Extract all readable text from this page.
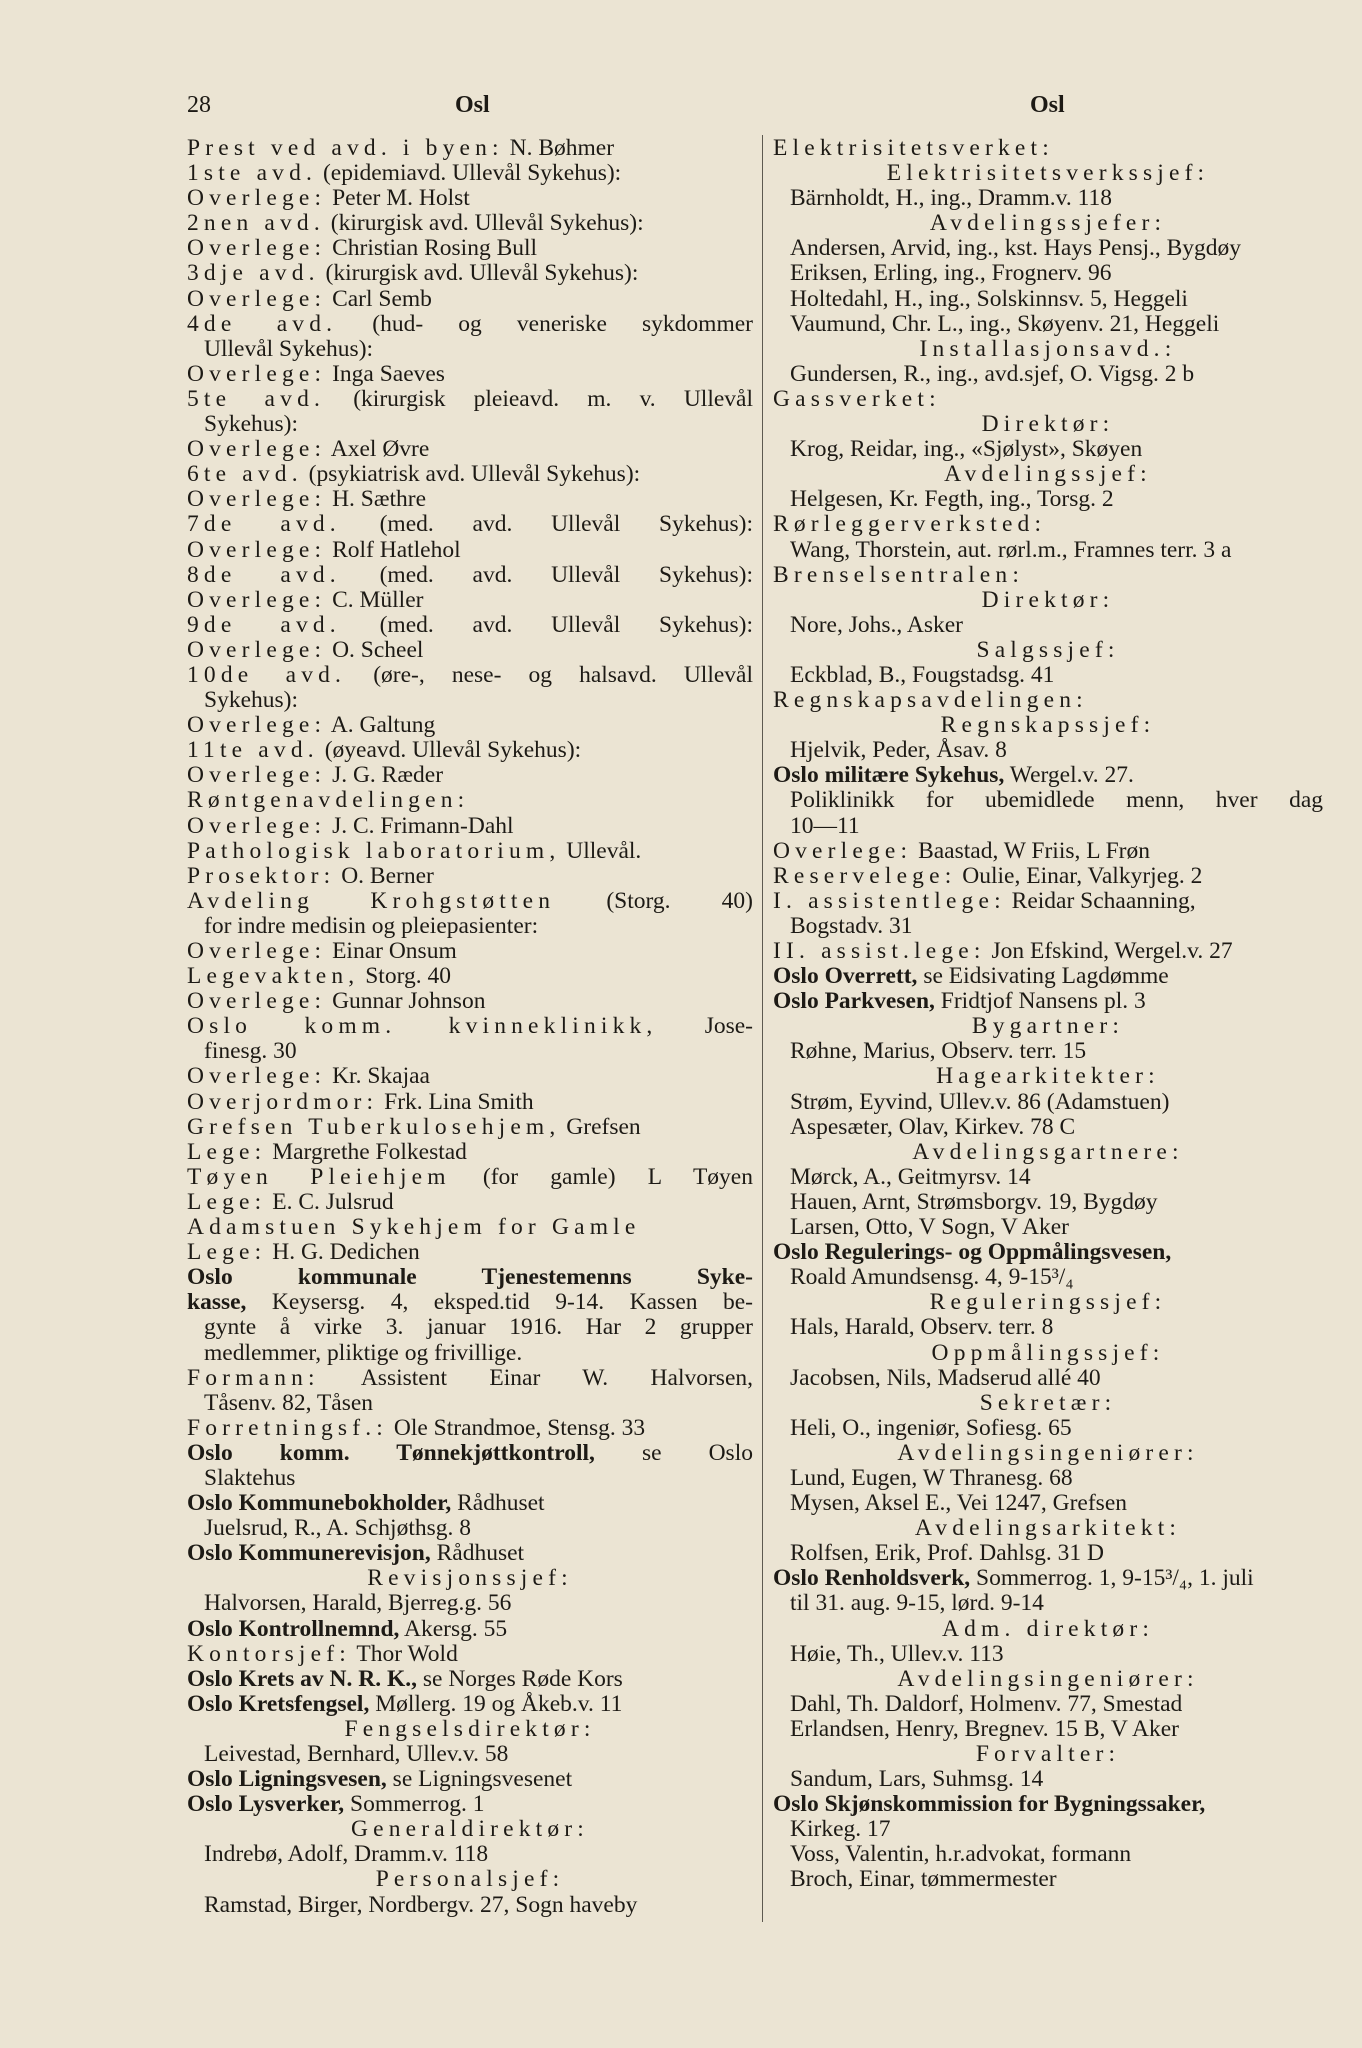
28	Osl	Osl
Prest ved avd. i byen: N. Bøhmer
1ste avd. (epidemiavd. Ullevål Sykehus):
Overlege: Peter M. Holst
2nen avd. (kirurgisk avd. Ullevål Sykehus):
Overlege: Christian Rosing Bull
3dje avd. (kirurgisk avd. Ullevål Sykehus):
Overlege: Carl Semb
4de avd. (hud- og veneriske sykdommer
Ullevål Sykehus):
Overlege: Inga Saeves
5te avd. (kirurgisk pleieavd. m. v. Ullevål
Sykehus):
Overlege: Axel Øvre
6te avd. (psykiatrisk avd. Ullevål Sykehus):
Overlege: H. Sæthre
7de avd. (med. avd. Ullevål Sykehus):
Overlege: Rolf Hatlehol
8de avd. (med. avd. Ullevål Sykehus):
Overlege: C. Müller
9de avd. (med. avd. Ullevål Sykehus):
Overlege: O. Scheel
10de avd. (øre-, nese- og halsavd. Ullevål
Sykehus):
Overlege: A. Galtung
11te avd. (øyeavd. Ullevål Sykehus):
Overlege: J. G. Ræder
Røntgenavdelingen:
Overlege: J. C. Frimann-Dahl
Pathologisk laboratorium, Ullevål.
Prosektor: O. Berner
Avdeling Krohgstøtten (Storg. 40)
for indre medisin og pleiepasienter:
Overlege: Einar Onsum
Legevakten, Storg. 40
Overlege: Gunnar Johnson
Oslo komm. kvinneklinikk, Jose-
finesg. 30
Overlege: Kr. Skajaa
Overjordmor: Frk. Lina Smith
Grefsen Tuberkulosehjem, Grefsen
Lege: Margrethe Folkestad
Tøyen Pleiehjem (for gamle) L Tøyen
Lege: E. C. Julsrud
Adamstuen Sykehjem for Gamle
Lege: H. G. Dedichen
Oslo kommunale Tjenestemenns Syke-
kasse, Keysersg. 4, eksped.tid 9-14. Kassen be-
gynte å virke 3. januar 1916. Har 2 grupper
medlemmer, pliktige og frivillige.
Formann: Assistent Einar W. Halvorsen,
Tåsenv. 82, Tåsen
Forretningsf.: Ole Strandmoe, Stensg. 33
Oslo komm. Tønnekjøttkontroll, se Oslo
Slaktehus
Oslo Kommunebokholder, Rådhuset
Juelsrud, R., A. Schjøthsg. 8
Oslo Kommunerevisjon, Rådhuset
Revisjonssjef:
Halvorsen, Harald, Bjerreg.g. 56
Oslo Kontrollnemnd, Akersg. 55
Kontorsjef: Thor Wold
Oslo Krets av N. R. K., se Norges Røde Kors
Oslo Kretsfengsel, Møllerg. 19 og Åkeb.v. 11
Fengselsdirektør:
Leivestad, Bernhard, Ullev.v. 58
Oslo Ligningsvesen, se Ligningsvesenet
Oslo Lysverker, Sommerrog. 1
Generaldirektør:
Indrebø, Adolf, Dramm.v. 118
Personalsjef:
Ramstad, Birger, Nordbergv. 27, Sogn haveby
Elektrisitetsverket:
Elektrisitetsverkssjef:
Bärnholdt, H., ing., Dramm.v. 118
Avdelingssjefer:
Andersen, Arvid, ing., kst. Hays Pensj., Bygdøy
Eriksen, Erling, ing., Frognerv. 96
Holtedahl, H., ing., Solskinnsv. 5, Heggeli
Vaumund, Chr. L., ing., Skøyenv. 21, Heggeli
Installasjonsavd.:
Gundersen, R., ing., avd.sjef, O. Vigsg. 2 b
Gassverket:
Direktør:
Krog, Reidar, ing., «Sjølyst», Skøyen
Avdelingssjef:
Helgesen, Kr. Fegth, ing., Torsg. 2
Rørleggerverksted:
Wang, Thorstein, aut. rørl.m., Framnes terr. 3 a
Brenselsentralen:
Direktør:
Nore, Johs., Asker
Salgssjef:
Eckblad, B., Fougstadsg. 41
Regnskapsavdelingen:
Regnskapssjef:
Hjelvik, Peder, Åsav. 8
Oslo militære Sykehus, Wergel.v. 27.
Poliklinikk for ubemidlede menn, hver dag
10—11
Overlege: Baastad, W Friis, L Frøn
Reservelege: Oulie, Einar, Valkyrjeg. 2
I. assistentlege: Reidar Schaanning,
Bogstadv. 31
II. assist.lege: Jon Efskind, Wergel.v. 27
Oslo Overrett, se Eidsivating Lagdømme
Oslo Parkvesen, Fridtjof Nansens pl. 3
Bygartner:
Røhne, Marius, Observ. terr. 15
Hagearkitekter:
Strøm, Eyvind, Ullev.v. 86 (Adamstuen)
Aspesæter, Olav, Kirkev. 78 C
Avdelingsgartnere:
Mørck, A., Geitmyrsv. 14
Hauen, Arnt, Strømsborgv. 19, Bygdøy
Larsen, Otto, V Sogn, V Aker
Oslo Regulerings- og Oppmålingsvesen,
Roald Amundsensg. 4, 9-15³/₄
Reguleringssjef:
Hals, Harald, Observ. terr. 8
Oppmålingssjef:
Jacobsen, Nils, Madserud allé 40
Sekretær:
Heli, O., ingeniør, Sofiesg. 65
Avdelingsingeniører:
Lund, Eugen, W Thranesg. 68
Mysen, Aksel E., Vei 1247, Grefsen
Avdelingsarkitekt:
Rolfsen, Erik, Prof. Dahlsg. 31 D
Oslo Renholdsverk, Sommerrog. 1, 9-15³/₄, 1. juli
til 31. aug. 9-15, lørd. 9-14
Adm. direktør:
Høie, Th., Ullev.v. 113
Avdelingsingeniører:
Dahl, Th. Daldorf, Holmenv. 77, Smestad
Erlandsen, Henry, Bregnev. 15 B, V Aker
Forvalter:
Sandum, Lars, Suhmsg. 14
Oslo Skjønskommission for Bygningssaker,
Kirkeg. 17
Voss, Valentin, h.r.advokat, formann
Broch, Einar, tømmermester
